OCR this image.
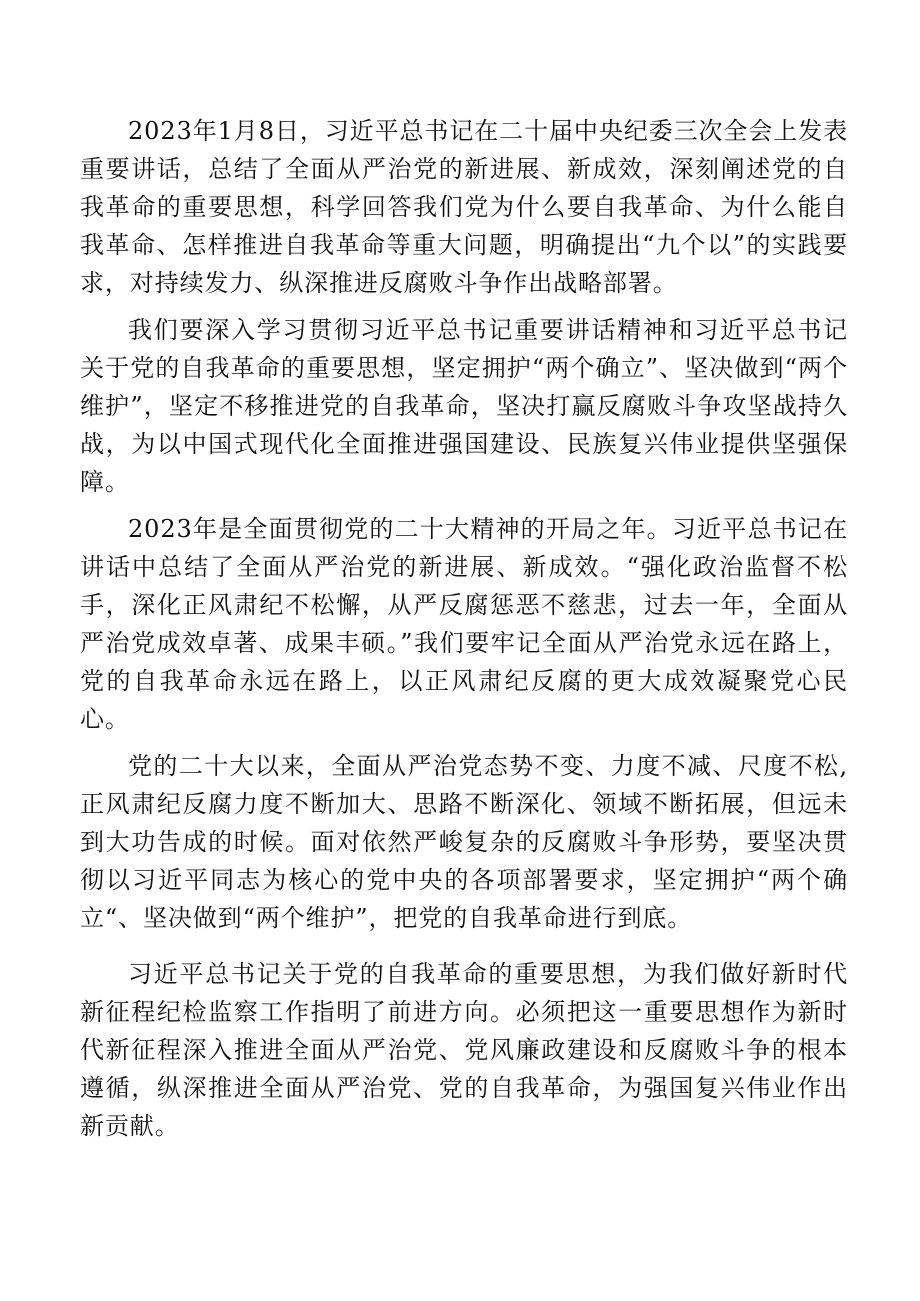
2023年1月8日，习近平总书记在二十届中央纪委三次全会上发表重要讲话，总结了全面从严治党的新进展、新成效，深刻阐述党的自我革命的重要思想，科学回答我们党为什么要自我革命、为什么能自我革命、怎样推进自我革命等重大问题，明确提出“九个以”的实践要求，对持续发力、纵深推进反腐败斗争作出战略部署。

我们要深入学习贯彻习近平总书记重要讲话精神和习近平总书记关于党的自我革命的重要思想，坚定拥护“两个确立”、坚决做到“两个维护”，坚定不移推进党的自我革命，坚决打赢反腐败斗争攻坚战持久战，为以中国式现代化全面推进强国建设、民族复兴伟业提供坚强保障。

2023年是全面贯彻党的二十大精神的开局之年。习近平总书记在讲话中总结了全面从严治党的新进展、新成效。“强化政治监督不松手，深化正风肃纪不松懈，从严反腐惩恶不慈悲，过去一年，全面从严治党成效卓著、成果丰硕。”我们要牢记全面从严治党永远在路上，党的自我革命永远在路上，以正风肃纪反腐的更大成效凝聚党心民心。

党的二十大以来，全面从严治党态势不变、力度不减、尺度不松,正风肃纪反腐力度不断加大、思路不断深化、领域不断拓展，但远未到大功告成的时候。面对依然严峻复杂的反腐败斗争形势，要坚决贯彻以习近平同志为核心的党中央的各项部署要求，坚定拥护“两个确立“、坚决做到“两个维护”，把党的自我革命进行到底。

习近平总书记关于党的自我革命的重要思想，为我们做好新时代新征程纪检监察工作指明了前进方向。必须把这一重要思想作为新时代新征程深入推进全面从严治党、党风廉政建设和反腐败斗争的根本遵循，纵深推进全面从严治党、党的自我革命，为强国复兴伟业作出新贡献。
